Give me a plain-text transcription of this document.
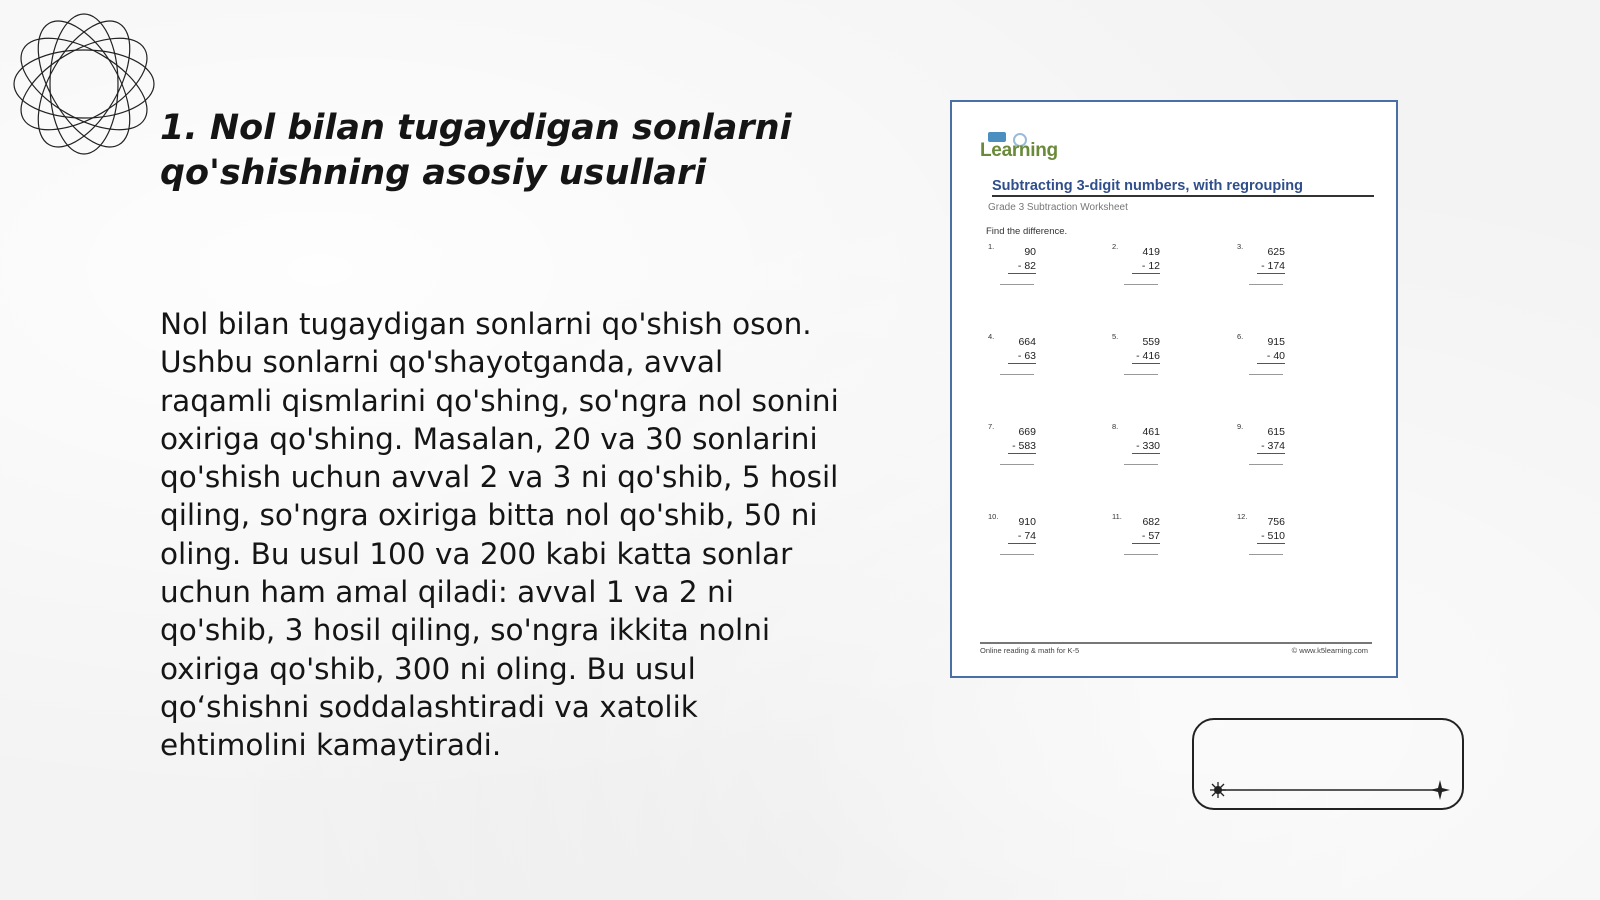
1. Nol bilan tugaydigan sonlarni qo'shishning asosiy usullari

Nol bilan tugaydigan sonlarni qo'shish oson. Ushbu sonlarni qo'shayotganda, avval raqamli qismlarini qo'shing, so'ngra nol sonini oxiriga qo'shing. Masalan, 20 va 30 sonlarini qo'shish uchun avval 2 va 3 ni qo'shib, 5 hosil qiling, so'ngra oxiriga bitta nol qo'shib, 50 ni oling. Bu usul 100 va 200 kabi katta sonlar uchun ham amal qiladi: avval 1 va 2 ni qo'shib, 3 hosil qiling, so'ngra ikkita nolni oxiriga qo'shib, 300 ni oling. Bu usul qo‘shishni soddalashtiradi va xatolik ehtimolini kamaytiradi.

Learning
Subtracting 3-digit numbers, with regrouping
Grade 3 Subtraction Worksheet
Find the difference.
1.	90
- 82
2. 419
- 12
3. 625
- 174
4. 664
- 63
5. 559
- 416
6. 915
- 40
7. 669
- 583
8. 461
- 330
9. 615
- 374
10. 910
- 74
11. 682
- 57
12. 756
- 510
Online reading & math for K-5	© www.k5learning.com
